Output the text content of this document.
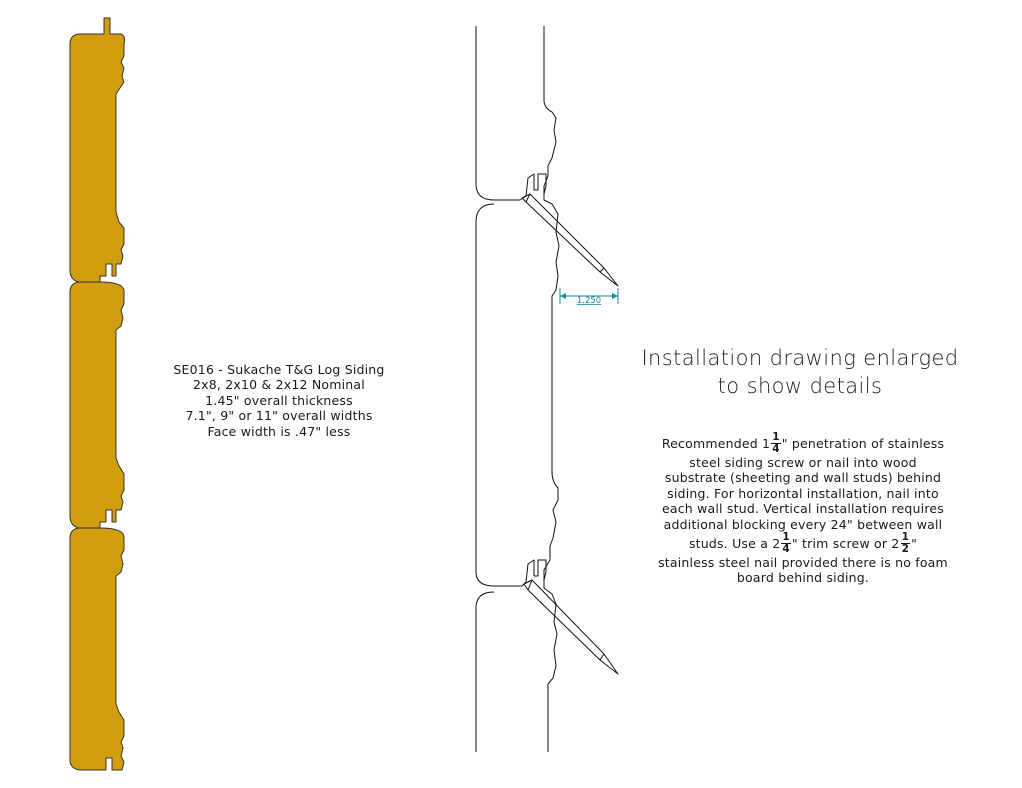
1.250
SE016 - Sukache T&G Log Siding
2x8, 2x10 & 2x12 Nominal
1.45" overall thickness
7.1", 9" or 11" overall widths
Face width is .47" less
Installation drawing enlarged
to show details
Recommended $1 \frac{1}{4}$ " penetration of stainless
steel siding screw or nail into wood
substrate (sheeting and wall studs) behind
siding. For horizontal installation, nail into
each wall stud. Vertical installation requires
additional blocking every 24" between wall
studs. Use a $2 \frac{1}{4}$ " trim screw or $2 \frac{1}{2}$ "
stainless steel nail provided there is no foam
board behind siding.
